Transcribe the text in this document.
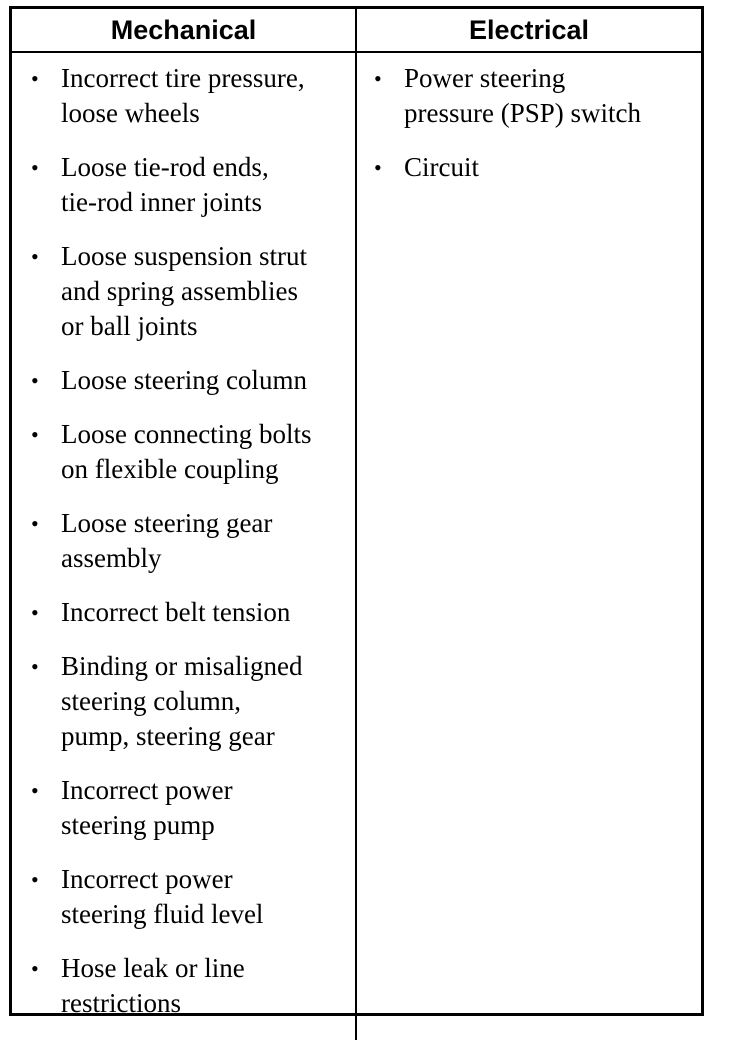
Mechanical	Electrical
• Incorrect tire pressure,
loose wheels
• Loose tie-rod ends,
tie-rod inner joints
• Loose suspension strut
and spring assemblies
or ball joints
• Loose steering column
• Loose connecting bolts
on flexible coupling
• Loose steering gear
assembly
• Incorrect belt tension
• Binding or misaligned
steering column,
pump, steering gear
• Incorrect power
steering pump
• Incorrect power
steering fluid level
• Hose leak or line
restrictions
• Power steering
pressure (PSP) switch
• Circuit
